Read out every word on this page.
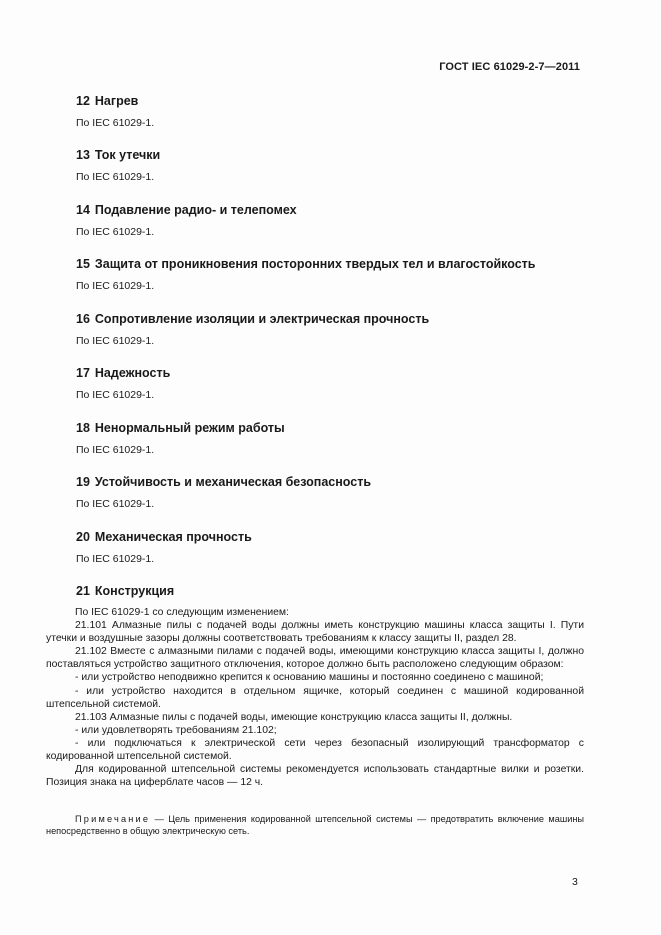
ГОСТ IEC 61029-2-7—2011
12 Нагрев

По IEC 61029-1.

13 Ток утечки

По IEC 61029-1.

14 Подавление радио- и телепомех

По IEC 61029-1.

15 Защита от проникновения посторонних твердых тел и влагостойкость

По IEC 61029-1.

16 Сопротивление изоляции и электрическая прочность

По IEC 61029-1.

17 Надежность

По IEC 61029-1.

18 Ненормальный режим работы

По IEC 61029-1.

19 Устойчивость и механическая безопасность

По IEC 61029-1.

20 Механическая прочность

По IEC 61029-1.

21 Конструкция

По IEC 61029-1 со следующим изменением:

21.101 Алмазные пилы с подачей воды должны иметь конструкцию машины класса защиты I. Пути утечки и воздушные зазоры должны соответствовать требованиям к классу защиты II, раздел 28.

21.102 Вместе с алмазными пилами с подачей воды, имеющими конструкцию класса защиты I, должно поставляться устройство защитного отключения, которое должно быть расположено следующим образом:

- или устройство неподвижно крепится к основанию машины и постоянно соединено с машиной;

- или устройство находится в отдельном ящичке, который соединен с машиной кодированной штепсельной системой.

21.103 Алмазные пилы с подачей воды, имеющие конструкцию класса защиты II, должны.

- или удовлетворять требованиям 21.102;

- или подключаться к электрической сети через безопасный изолирующий трансформатор с кодированной штепсельной системой.

Для кодированной штепсельной системы рекомендуется использовать стандартные вилки и розетки. Позиция знака на циферблате часов — 12 ч.

Примечание — Цель применения кодированной штепсельной системы — предотвратить включение машины непосредственно в общую электрическую сеть.
3
